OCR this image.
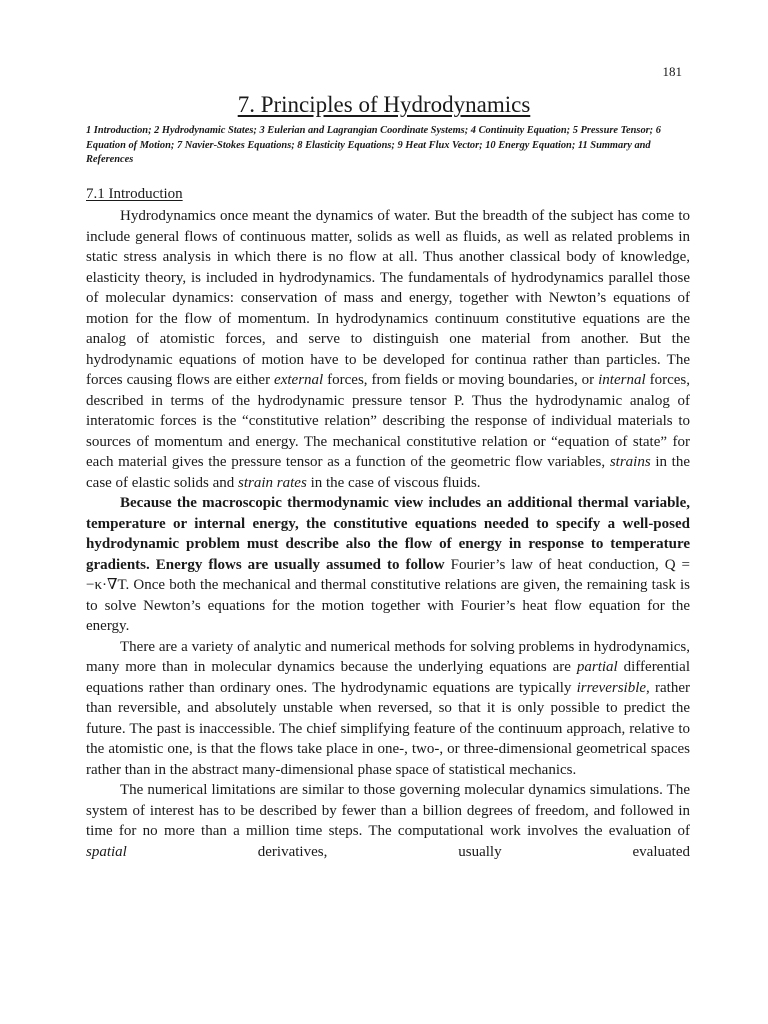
181
7. Principles of Hydrodynamics
1 Introduction; 2 Hydrodynamic States; 3 Eulerian and Lagrangian Coordinate Systems; 4 Continuity Equation; 5 Pressure Tensor; 6 Equation of Motion; 7 Navier-Stokes Equations; 8 Elasticity Equations; 9 Heat Flux Vector; 10 Energy Equation; 11 Summary and References
7.1 Introduction

Hydrodynamics once meant the dynamics of water. But the breadth of the subject has come to include general flows of continuous matter, solids as well as fluids, as well as related problems in static stress analysis in which there is no flow at all. Thus another classical body of knowledge, elasticity theory, is included in hydrodynamics. The fundamentals of hydrodynamics parallel those of molecular dynamics: conservation of mass and energy, together with Newton’s equations of motion for the flow of momentum. In hydrodynamics continuum constitutive equations are the analog of atomistic forces, and serve to distinguish one material from another. But the hydrodynamic equations of motion have to be developed for continua rather than particles. The forces causing flows are either external forces, from fields or moving boundaries, or internal forces, described in terms of the hydrodynamic pressure tensor P. Thus the hydrodynamic analog of interatomic forces is the “constitutive relation” describing the response of individual materials to sources of momentum and energy. The mechanical constitutive relation or “equation of state” for each material gives the pressure tensor as a function of the geometric flow variables, strains in the case of elastic solids and strain rates in the case of viscous fluids.

Because the macroscopic thermodynamic view includes an additional thermal variable, temperature or internal energy, the constitutive equations needed to specify a well-posed hydrodynamic problem must describe also the flow of energy in response to temperature gradients. Energy flows are usually assumed to follow Fourier’s law of heat conduction, Q = −κ·∇T. Once both the mechanical and thermal constitutive relations are given, the remaining task is to solve Newton’s equations for the motion together with Fourier’s heat flow equation for the energy.

There are a variety of analytic and numerical methods for solving problems in hydrodynamics, many more than in molecular dynamics because the underlying equations are partial differential equations rather than ordinary ones. The hydrodynamic equations are typically irreversible, rather than reversible, and absolutely unstable when reversed, so that it is only possible to predict the future. The past is inaccessible. The chief simplifying feature of the continuum approach, relative to the atomistic one, is that the flows take place in one-, two-, or three-dimensional geometrical spaces rather than in the abstract many-dimensional phase space of statistical mechanics.

The numerical limitations are similar to those governing molecular dynamics simulations. The system of interest has to be described by fewer than a billion degrees of freedom, and followed in time for no more than a million time steps. The computational work involves the evaluation of spatial derivatives, usually evaluated
